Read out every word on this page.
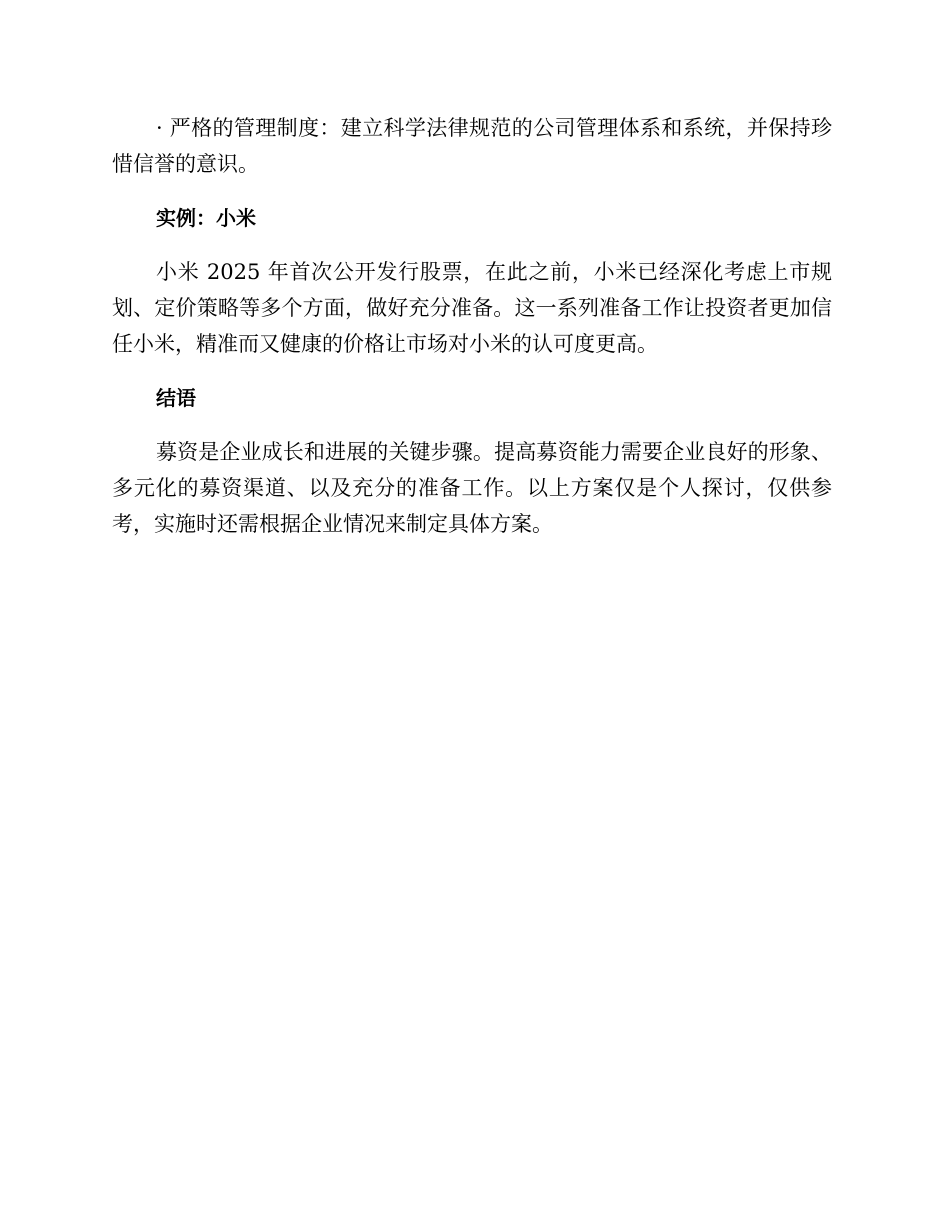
· 严格的管理制度：建立科学法律规范的公司管理体系和系统，并保持珍惜信誉的意识。

实例：小米

小米 2025 年首次公开发行股票，在此之前，小米已经深化考虑上市规划、定价策略等多个方面，做好充分准备。这一系列准备工作让投资者更加信任小米，精准而又健康的价格让市场对小米的认可度更高。

结语

募资是企业成长和进展的关键步骤。提高募资能力需要企业良好的形象、多元化的募资渠道、以及充分的准备工作。以上方案仅是个人探讨，仅供参考，实施时还需根据企业情况来制定具体方案。
